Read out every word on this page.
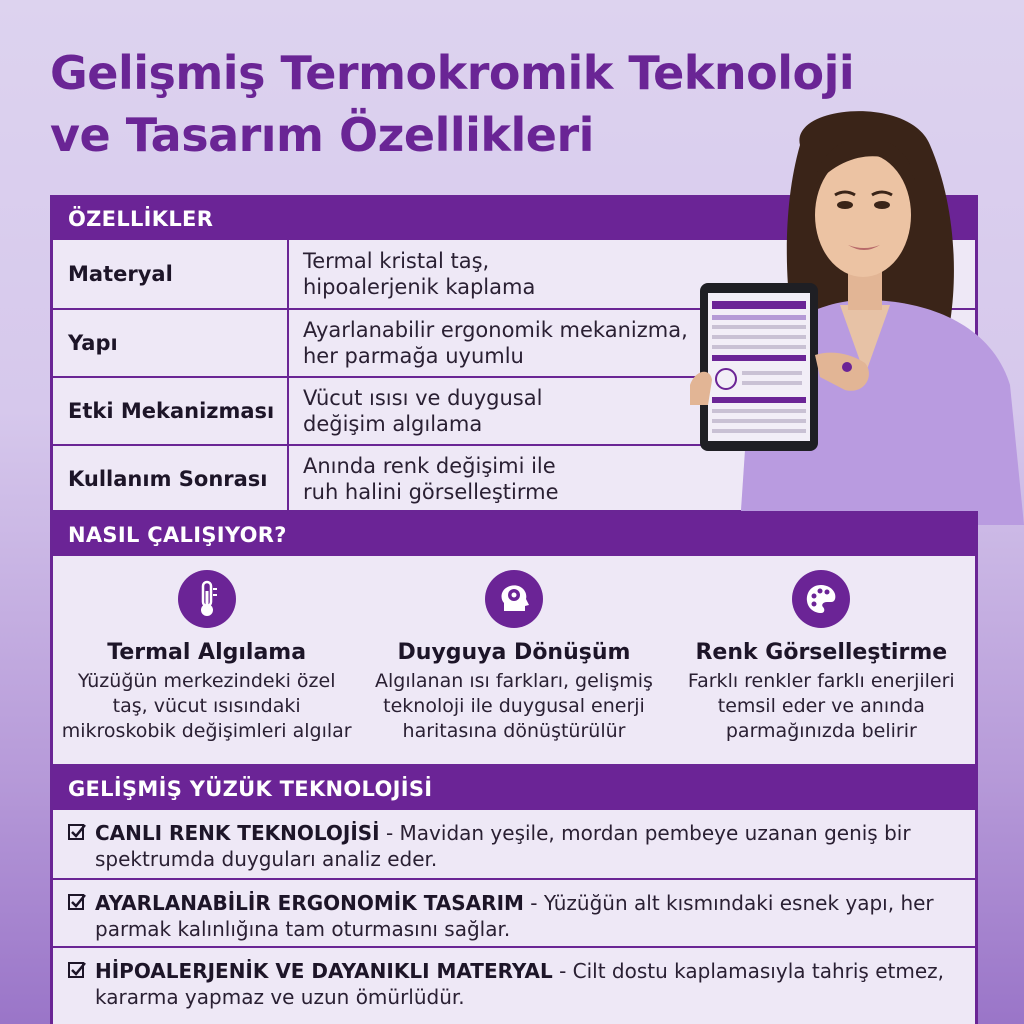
Gelişmiş Termokromik Teknoloji
ve Tasarım Özellikleri
ÖZELLİKLER
Materyal
Termal kristal taş,
hipoalerjenik kaplama
Yapı
Ayarlanabilir ergonomik mekanizma,
her parmağa uyumlu
Etki Mekanizması
Vücut ısısı ve duygusal
değişim algılama
Kullanım Sonrası
Anında renk değişimi ile
ruh halini görselleştirme
NASIL ÇALIŞIYOR?
Termal Algılama
Yüzüğün merkezindeki özel
taş, vücut ısısındaki
mikroskobik değişimleri algılar
Duyguya Dönüşüm
Algılanan ısı farkları, gelişmiş
teknoloji ile duygusal enerji
haritasına dönüştürülür
Renk Görselleştirme
Farklı renkler farklı enerjileri
temsil eder ve anında
parmağınızda belirir
GELİŞMİŞ YÜZÜK TEKNOLOJİSİ
CANLI RENK TEKNOLOJİSİ - Mavidan yeşile, mordan pembeye uzanan geniş bir spektrumda duyguları analiz eder.
AYARLANABİLİR ERGONOMİK TASARIM - Yüzüğün alt kısmındaki esnek yapı, her parmak kalınlığına tam oturmasını sağlar.
HİPOALERJENİK VE DAYANIKLI MATERYAL - Cilt dostu kaplamasıyla tahriş etmez, kararma yapmaz ve uzun ömürlüdür.
